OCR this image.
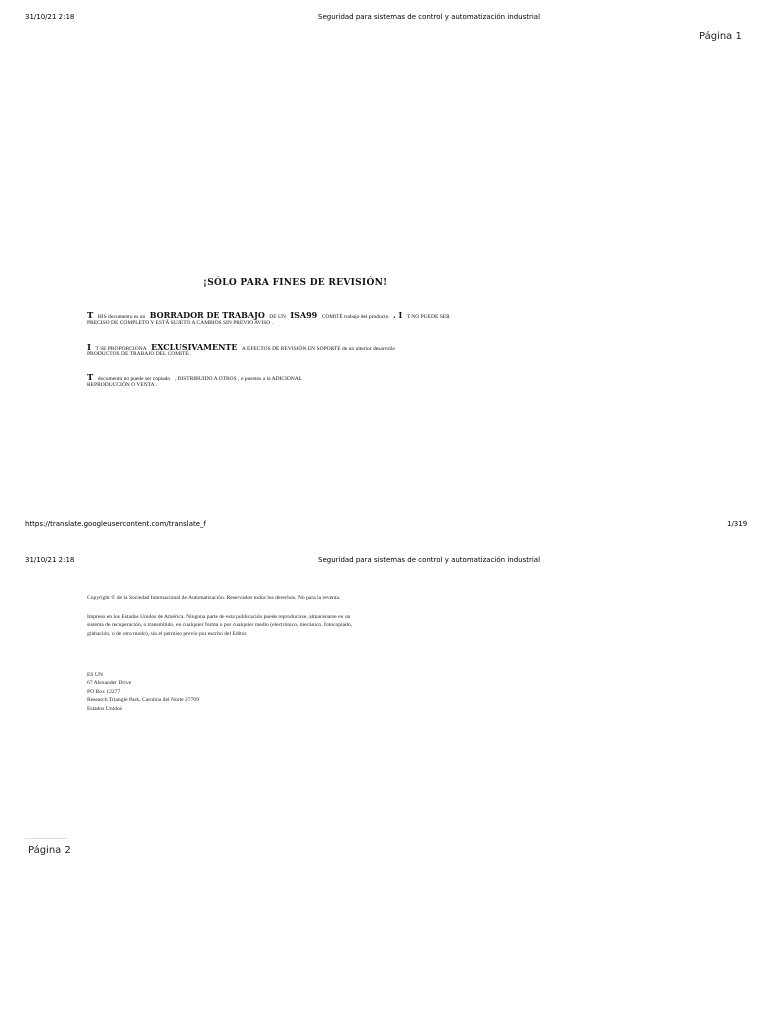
31/10/21 2:18	Seguridad para sistemas de control y automatización industrial
Página 1
¡SÓLO PARA FINES DE REVISIÓN!
T HIS documento es un BORRADOR DE TRABAJO DE UN ISA99 COMITÉ trabajo del producto . I T NO PUEDE SER
PRECISO DE COMPLETO Y ESTÁ SUJETO A CAMBIOS SIN PREVIO AVISO .
I T SE PROPORCIONA EXCLUSIVAMENTE A EFECTOS DE REVISIÓN EN SOPORTE de un ulterior desarrollo
PRODUCTOS DE TRABAJO DEL COMITÉ .
T documento no puede ser copiado , DISTRIBUIDO A OTROS , o puestos a la ADICIONAL
REPRODUCCIÓN O VENTA .
https://translate.googleusercontent.com/translate_f	1/319
31/10/21 2:18	Seguridad para sistemas de control y automatización industrial
Copyright © de la Sociedad Internacional de Automatización. Reservados todos los derechos. No para la reventa.

Impreso en los Estados Unidos de América. Ninguna parte de esta publicación puede reproducirse, almacenarse en un

sistema de recuperación, o transmitido, en cualquier forma o por cualquier medio (electrónico, mecánico, fotocopiado,

grabación, o de otro modo), sin el permiso previo por escrito del Editor.

ES UN

67 Alexander Drive

PO Box 12277

Research Triangle Park, Carolina del Norte 27709

Estados Unidos

Página 2
